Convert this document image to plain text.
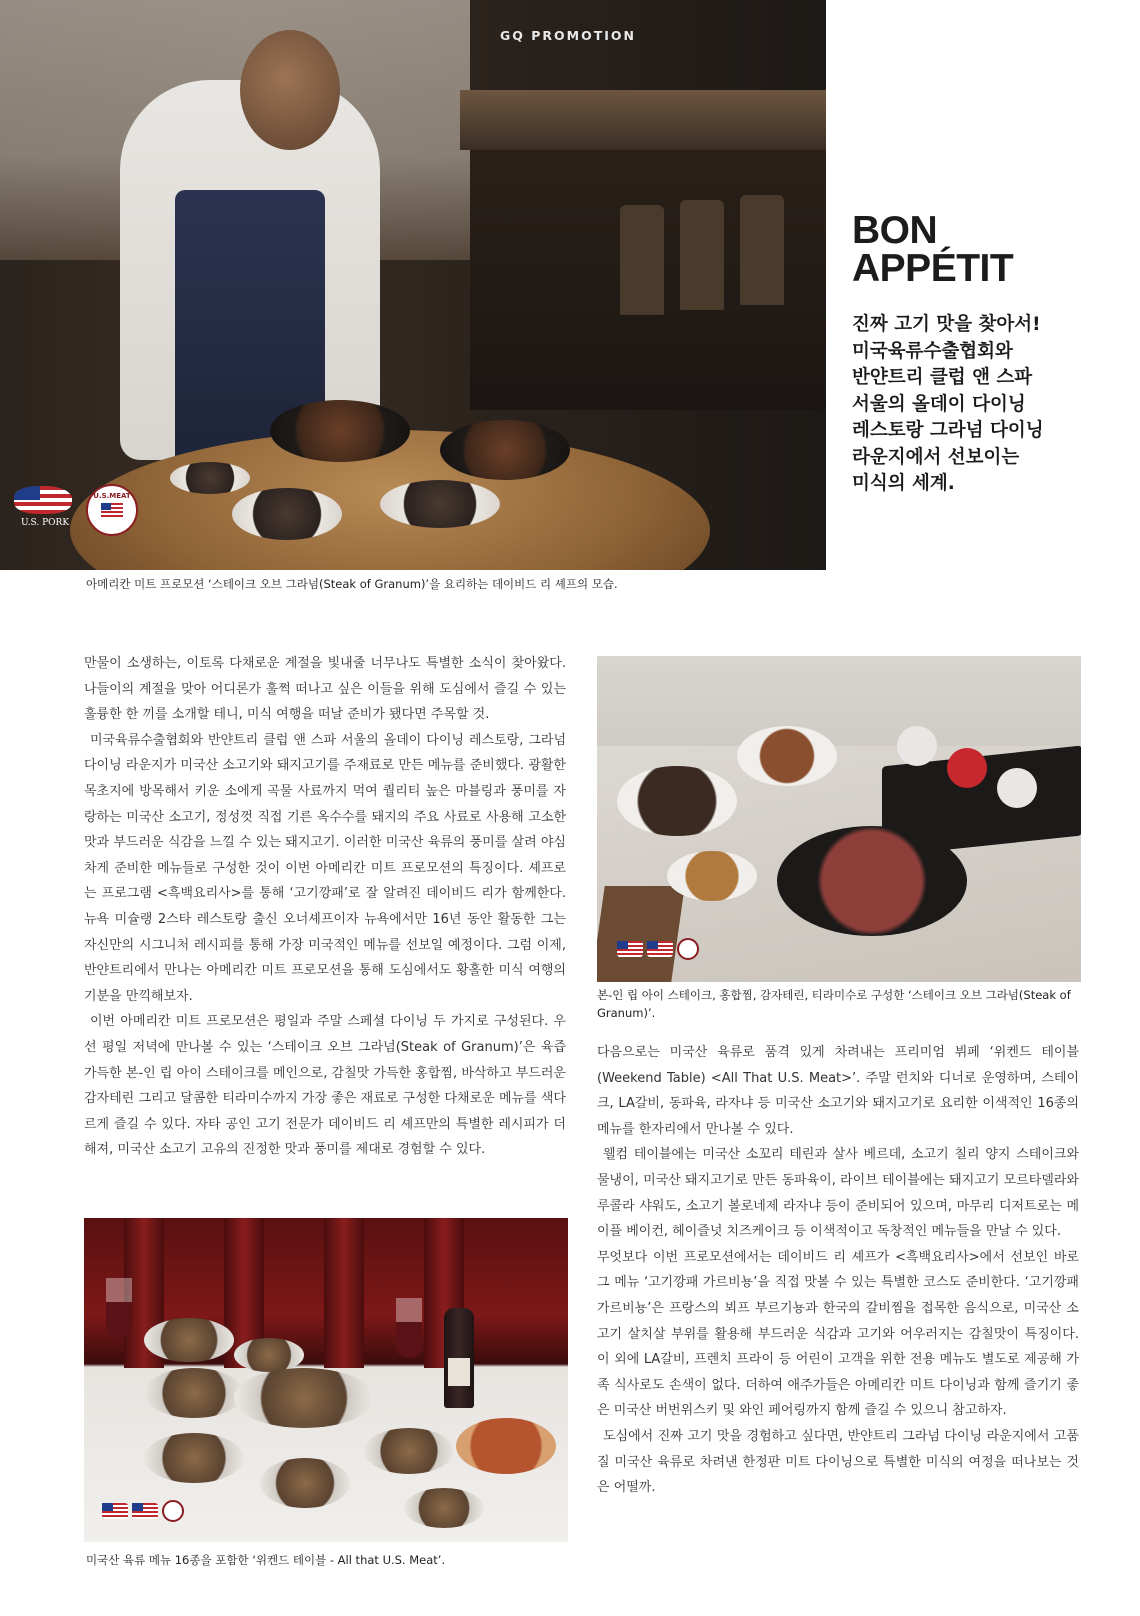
GQ PROMOTION
U.S. PORK
U.S.MEAT
아메리칸 미트 프로모션 ‘스테이크 오브 그라넘(Steak of Granum)’을 요리하는 데이비드 리 셰프의 모습.
BON
APPÉTIT
진짜 고기 맛을 찾아서!
미국육류수출협회와
반얀트리 클럽 앤 스파
서울의 올데이 다이닝
레스토랑 그라넘 다이닝
라운지에서 선보이는
미식의 세계.

만물이 소생하는, 이토록 다채로운 계절을 빛내줄 너무나도 특별한 소식이 찾아왔다. 나들이의 계절을 맞아 어디론가 훌쩍 떠나고 싶은 이들을 위해 도심에서 즐길 수 있는 훌륭한 한 끼를 소개할 테니, 미식 여행을 떠날 준비가 됐다면 주목할 것.

미국육류수출협회와 반얀트리 클럽 앤 스파 서울의 올데이 다이닝 레스토랑, 그라넘 다이닝 라운지가 미국산 소고기와 돼지고기를 주재료로 만든 메뉴를 준비했다. 광활한 목초지에 방목해서 키운 소에게 곡물 사료까지 먹여 퀄리티 높은 마블링과 풍미를 자랑하는 미국산 소고기, 정성껏 직접 기른 옥수수를 돼지의 주요 사료로 사용해 고소한 맛과 부드러운 식감을 느낄 수 있는 돼지고기. 이러한 미국산 육류의 풍미를 살려 야심 차게 준비한 메뉴들로 구성한 것이 이번 아메리칸 미트 프로모션의 특징이다. 셰프로는 프로그램 <흑백요리사>를 통해 ‘고기깡패’로 잘 알려진 데이비드 리가 함께한다. 뉴욕 미슐랭 2스타 레스토랑 출신 오너셰프이자 뉴욕에서만 16년 동안 활동한 그는 자신만의 시그니처 레시피를 통해 가장 미국적인 메뉴를 선보일 예정이다. 그럼 이제, 반얀트리에서 만나는 아메리칸 미트 프로모션을 통해 도심에서도 황홀한 미식 여행의 기분을 만끽해보자.

이번 아메리칸 미트 프로모션은 평일과 주말 스페셜 다이닝 두 가지로 구성된다. 우선 평일 저녁에 만나볼 수 있는 ‘스테이크 오브 그라넘(Steak of Granum)’은 육즙 가득한 본-인 립 아이 스테이크를 메인으로, 감칠맛 가득한 홍합찜, 바삭하고 부드러운 감자테린 그리고 달콤한 티라미수까지 가장 좋은 재료로 구성한 다채로운 메뉴를 색다르게 즐길 수 있다. 자타 공인 고기 전문가 데이비드 리 셰프만의 특별한 레시피가 더해져, 미국산 소고기 고유의 진정한 맛과 풍미를 제대로 경험할 수 있다.

본-인 립 아이 스테이크, 홍합찜, 감자테린, 티라미수로 구성한 ‘스테이크 오브 그라넘(Steak of Granum)’.

다음으로는 미국산 육류로 품격 있게 차려내는 프리미엄 뷔페 ‘위켄드 테이블(Weekend Table) <All That U.S. Meat>’. 주말 런치와 디너로 운영하며, 스테이크, LA갈비, 동파육, 라자냐 등 미국산 소고기와 돼지고기로 요리한 이색적인 16종의 메뉴를 한자리에서 만나볼 수 있다.

웰컴 테이블에는 미국산 소꼬리 테린과 살사 베르데, 소고기 칠리 양지 스테이크와 물냉이, 미국산 돼지고기로 만든 동파육이, 라이브 테이블에는 돼지고기 모르타델라와 루콜라 샤워도, 소고기 볼로네제 라자냐 등이 준비되어 있으며, 마무리 디저트로는 메이플 베이컨, 헤이즐넛 치즈케이크 등 이색적이고 독창적인 메뉴들을 만날 수 있다.

무엇보다 이번 프로모션에서는 데이비드 리 셰프가 <흑백요리사>에서 선보인 바로 그 메뉴 ‘고기깡패 가르비뇽’을 직접 맛볼 수 있는 특별한 코스도 준비한다. ‘고기깡패 가르비뇽’은 프랑스의 뵈프 부르기뇽과 한국의 갈비찜을 접목한 음식으로, 미국산 소고기 살치살 부위를 활용해 부드러운 식감과 고기와 어우러지는 감칠맛이 특징이다. 이 외에 LA갈비, 프렌치 프라이 등 어린이 고객을 위한 전용 메뉴도 별도로 제공해 가족 식사로도 손색이 없다. 더하여 애주가들은 아메리칸 미트 다이닝과 함께 즐기기 좋은 미국산 버번위스키 및 와인 페어링까지 함께 즐길 수 있으니 참고하자.

도심에서 진짜 고기 맛을 경험하고 싶다면, 반얀트리 그라넘 다이닝 라운지에서 고품질 미국산 육류로 차려낸 한정판 미트 다이닝으로 특별한 미식의 여정을 떠나보는 것은 어떨까.

미국산 육류 메뉴 16종을 포함한 ‘위켄드 테이블 - All that U.S. Meat’.
